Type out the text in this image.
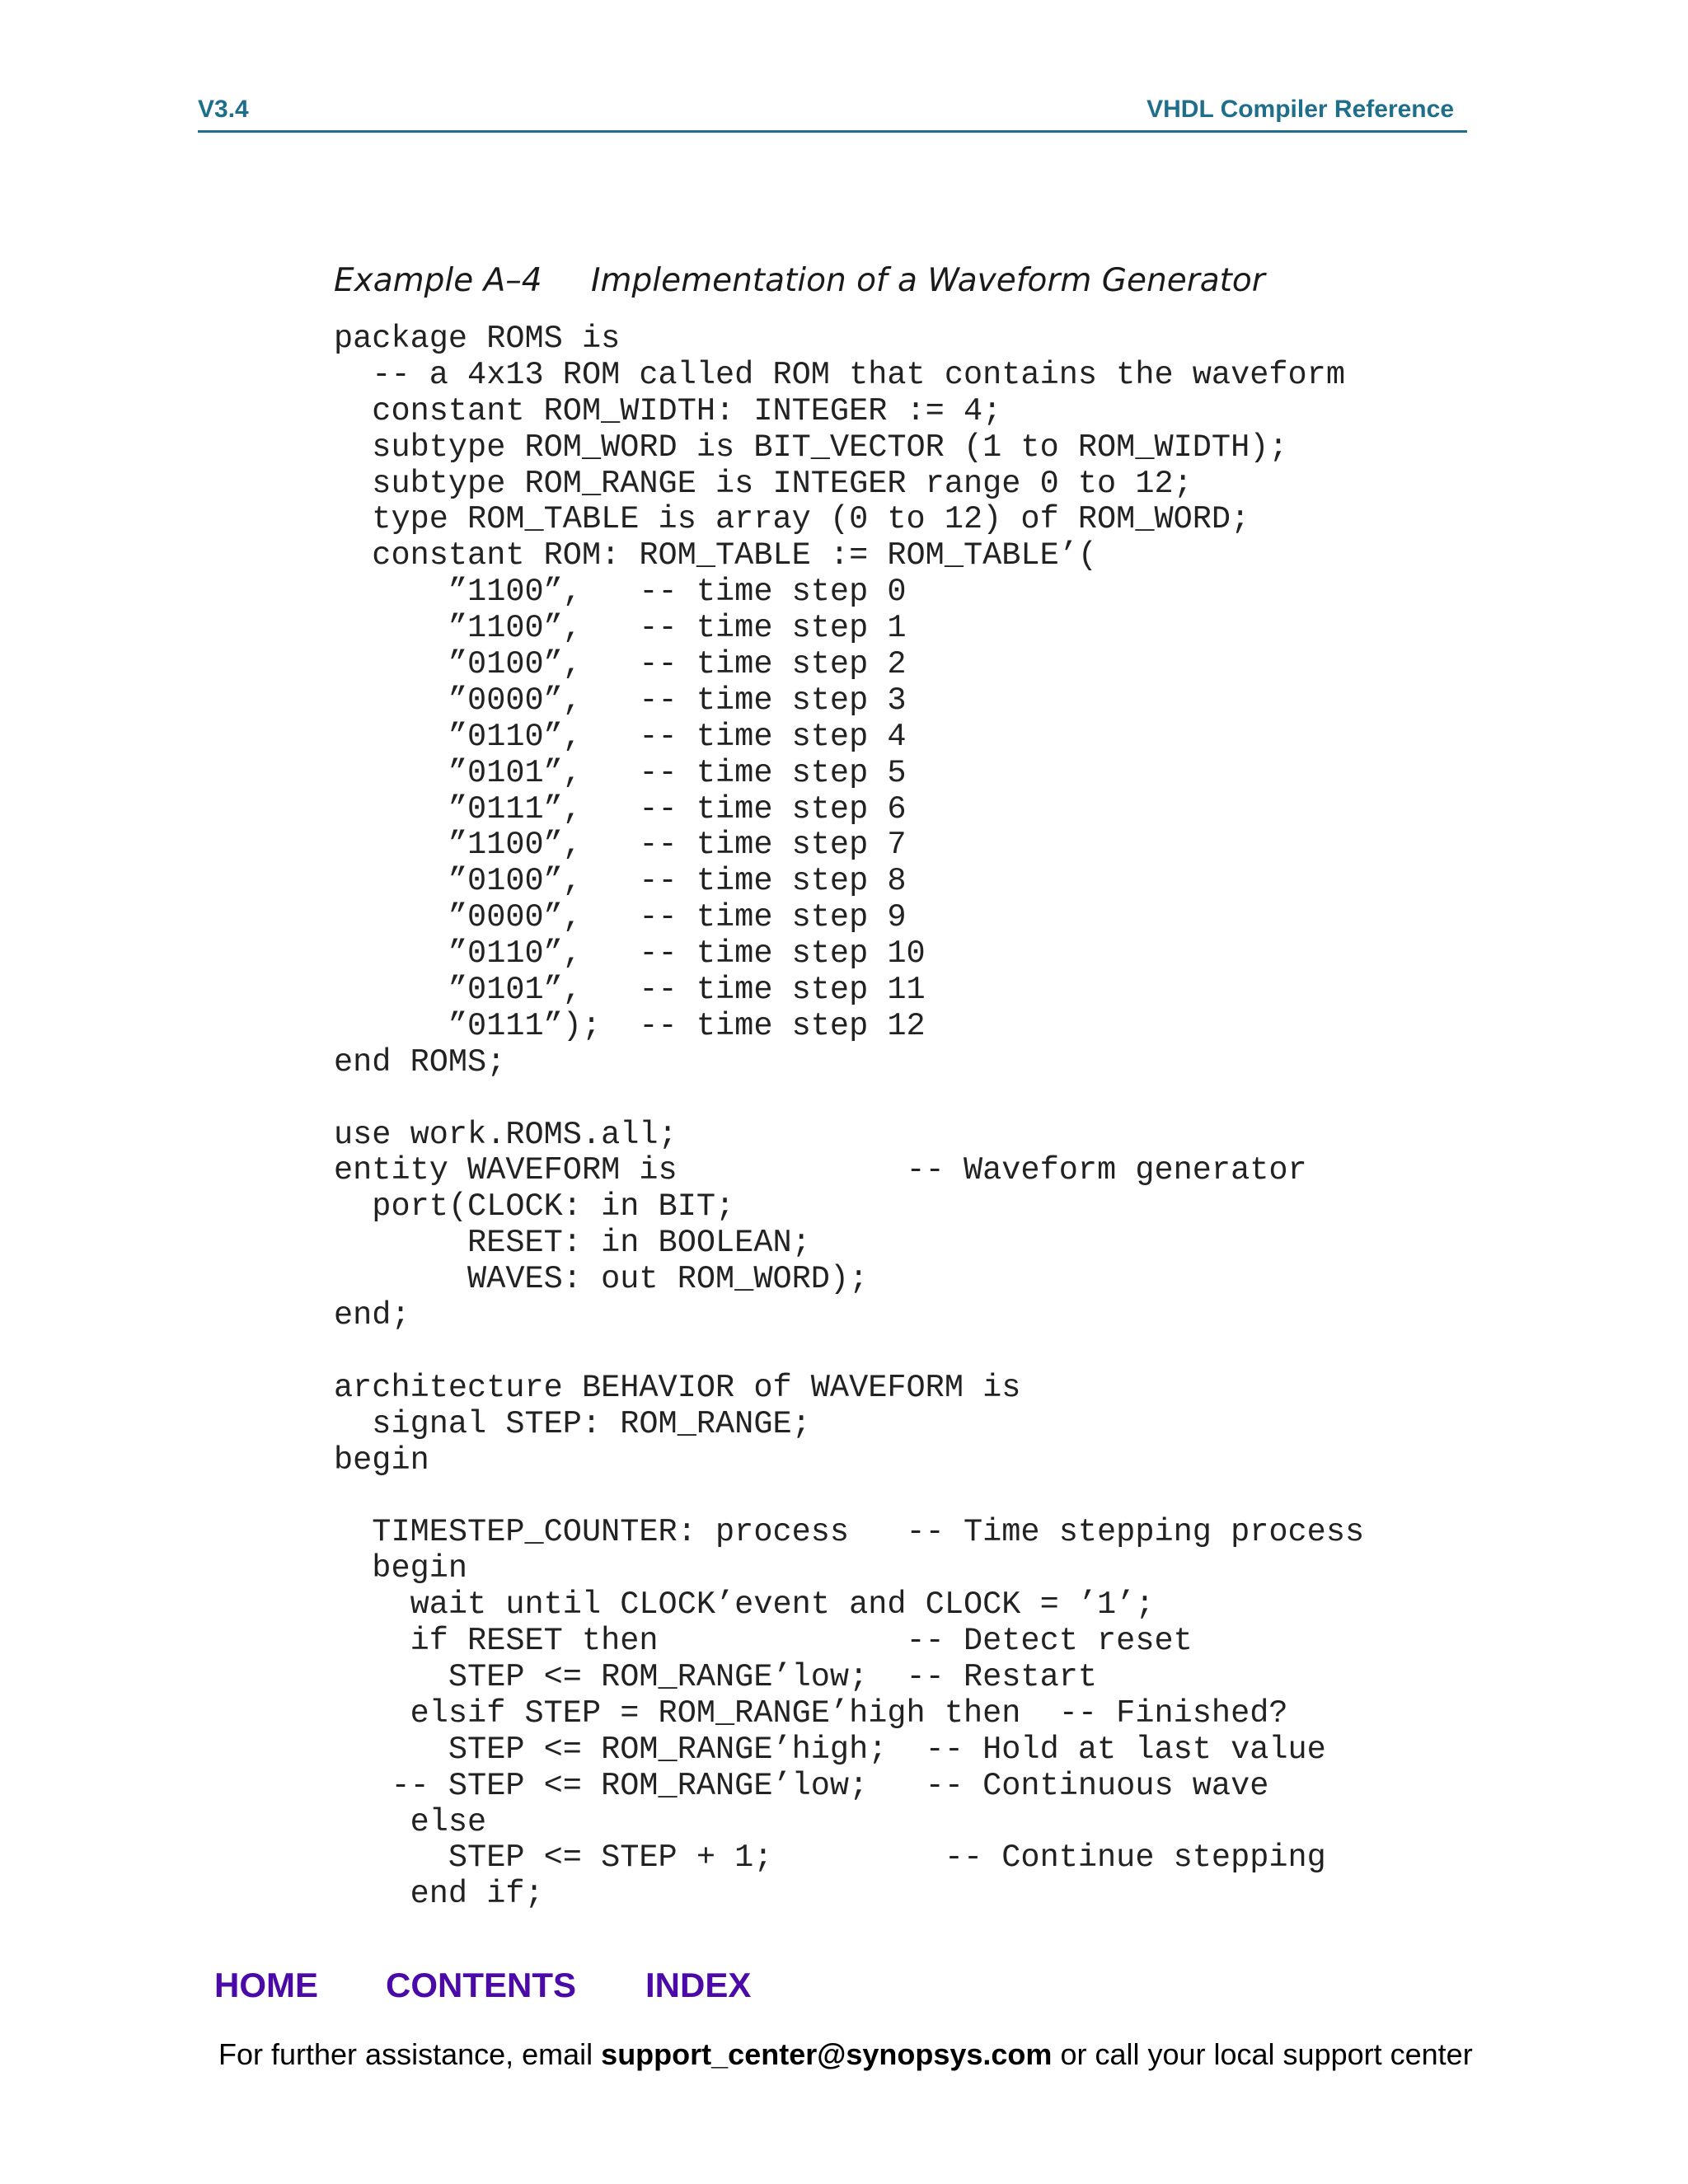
V3.4	VHDL Compiler Reference
Example A–4 Implementation of a Waveform Generator
package ROMS is
-- a 4x13 ROM called ROM that contains the waveform
constant ROM_WIDTH: INTEGER := 4;
subtype ROM_WORD is BIT_VECTOR (1 to ROM_WIDTH);
subtype ROM_RANGE is INTEGER range 0 to 12;
type ROM_TABLE is array (0 to 12) of ROM_WORD;
constant ROM: ROM_TABLE := ROM_TABLE’(
”1100”,   -- time step 0
”1100”,   -- time step 1
”0100”,   -- time step 2
”0000”,   -- time step 3
”0110”,   -- time step 4
”0101”,   -- time step 5
”0111”,   -- time step 6
”1100”,   -- time step 7
”0100”,   -- time step 8
”0000”,   -- time step 9
”0110”,   -- time step 10
”0101”,   -- time step 11
”0111”);  -- time step 12
end ROMS;
use work.ROMS.all;
entity WAVEFORM is            -- Waveform generator
port(CLOCK: in BIT;
RESET: in BOOLEAN;
WAVES: out ROM_WORD);
end;
architecture BEHAVIOR of WAVEFORM is
signal STEP: ROM_RANGE;
begin
TIMESTEP_COUNTER: process   -- Time stepping process
begin
wait until CLOCK’event and CLOCK = ’1’;
if RESET then             -- Detect reset
STEP <= ROM_RANGE’low;  -- Restart
elsif STEP = ROM_RANGE’high then  -- Finished?
STEP <= ROM_RANGE’high;  -- Hold at last value
-- STEP <= ROM_RANGE’low;   -- Continuous wave
else
STEP <= STEP + 1;         -- Continue stepping
end if;
HOME CONTENTS INDEX
For further assistance, email support_center@synopsys.com or call your local support center
